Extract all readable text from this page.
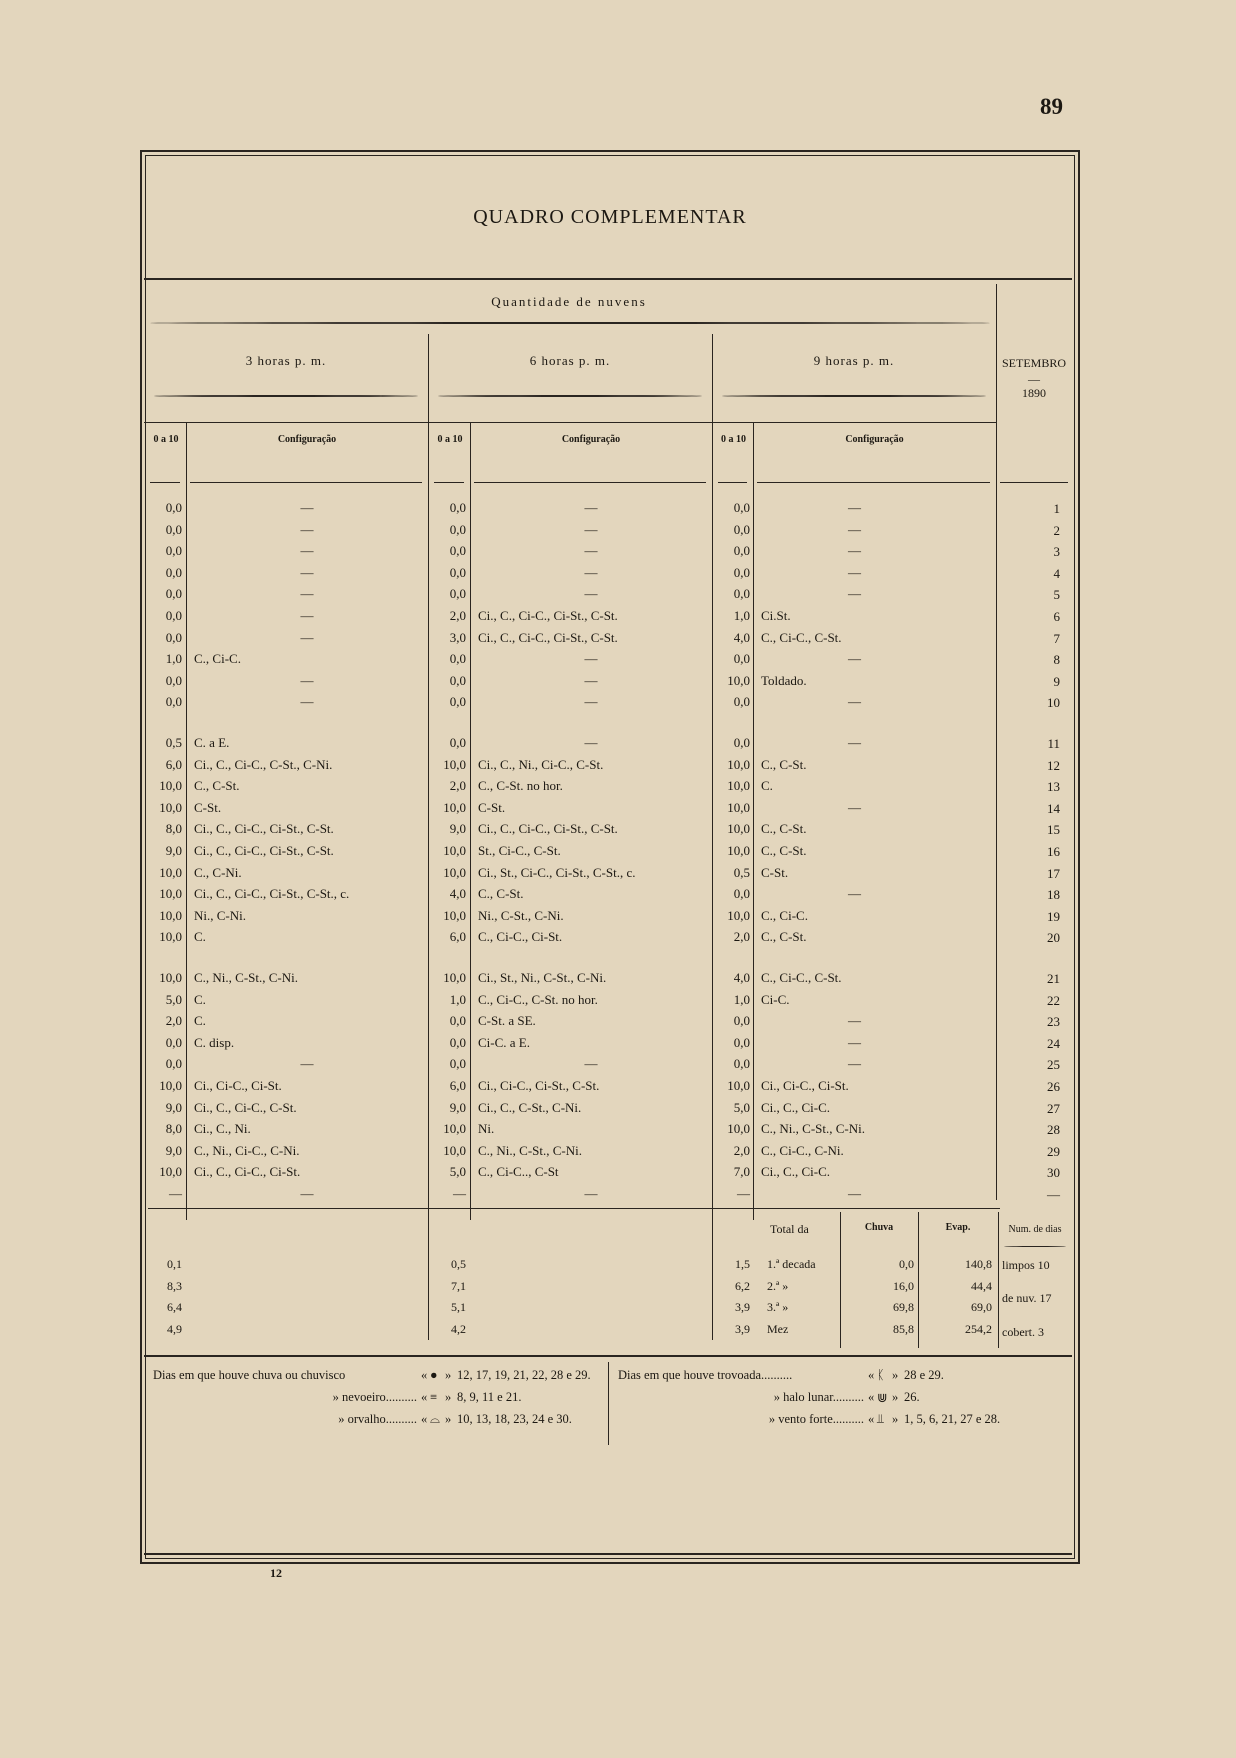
89
QUADRO COMPLEMENTAR
Quantidade de nuvens
3 horas p. m.
0 a 10	Configuração
6 horas p. m.
0 a 10	Configuração
9 horas p. m.
0 a 10	Configuração
SETEMBRO
—
1890
0,0	—	0,0	—	0,0	—	1
0,0	—	0,0	—	0,0	—	2
0,0	—	0,0	—	0,0	—	3
0,0	—	0,0	—	0,0	—	4
0,0	—	0,0	—	0,0	—	5
0,0	—	2,0 Ci., C., Ci-C., Ci-St., C-St.	1,0 Ci.St.	6
0,0	—	3,0 Ci., C., Ci-C., Ci-St., C-St.	4,0 C., Ci-C., C-St.	7
1,0 C., Ci-C.	0,0	—	0,0	—	8
0,0	—	0,0	—	10,0 Toldado.	9
0,0	—	0,0	—	0,0	—	10
0,5 C. a E.	0,0	—	0,0	—	11
6,0 Ci., C., Ci-C., C-St., C-Ni.	10,0 Ci., C., Ni., Ci-C., C-St.	10,0 C., C-St.	12
10,0 C., C-St.	2,0 C., C-St. no hor.	10,0 C.	13
10,0 C-St.	10,0 C-St.	10,0	—	14
8,0 Ci., C., Ci-C., Ci-St., C-St.	9,0 Ci., C., Ci-C., Ci-St., C-St.	10,0 C., C-St.	15
9,0 Ci., C., Ci-C., Ci-St., C-St.	10,0 St., Ci-C., C-St.	10,0 C., C-St.	16
10,0 C., C-Ni.	10,0 Ci., St., Ci-C., Ci-St., C-St., c.	0,5 C-St.	17
10,0 Ci., C., Ci-C., Ci-St., C-St., c.	4,0 C., C-St.	0,0	—	18
10,0 Ni., C-Ni.	10,0 Ni., C-St., C-Ni.	10,0 C., Ci-C.	19
10,0 C.	6,0 C., Ci-C., Ci-St.	2,0 C., C-St.	20
10,0 C., Ni., C-St., C-Ni.	10,0 Ci., St., Ni., C-St., C-Ni.	4,0 C., Ci-C., C-St.	21
5,0 C.	1,0 C., Ci-C., C-St. no hor.	1,0 Ci-C.	22
2,0 C.	0,0 C-St. a SE.	0,0	—	23
0,0 C. disp.	0,0 Ci-C. a E.	0,0	—	24
0,0	—	0,0	—	0,0	—	25
10,0 Ci., Ci-C., Ci-St.	6,0 Ci., Ci-C., Ci-St., C-St.	10,0 Ci., Ci-C., Ci-St.	26
9,0 Ci., C., Ci-C., C-St.	9,0 Ci., C., C-St., C-Ni.	5,0 Ci., C., Ci-C.	27
8,0 Ci., C., Ni.	10,0 Ni.	10,0 C., Ni., C-St., C-Ni.	28
9,0 C., Ni., Ci-C., C-Ni.	10,0 C., Ni., C-St., C-Ni.	2,0 C., Ci-C., C-Ni.	29
10,0 Ci., C., Ci-C., Ci-St.	5,0 C., Ci-C.., C-St	7,0 Ci., C., Ci-C.	30
—	—	—	—	—	—	—
Total da	Chuva	Evap.	Num. de dias
0,1	0,5	1,5 1.ª decada	0,0	140,8
8,3	7,1	6,2 2.ª »	16,0	44,4
6,4	5,1	3,9 3.ª »	69,8	69,0
4,9	4,2	3,9 Mez	85,8	254,2
limpos 10
de nuv. 17
cobert. 3
Dias em que houve chuva ou chuvisco	« ● » 12, 17, 19, 21, 22, 28 e 29.
» nevoeiro.......... « ≡ » 8, 9, 11 e 21.
» orvalho.......... « ⌓ » 10, 13, 18, 23, 24 e 30.
Dias em que houve trovoada..........	« ᛕ » 28 e 29.
» halo lunar.......... « ⋓ » 26.
» vento forte.......... « ⫫ » 1, 5, 6, 21, 27 e 28.
12
